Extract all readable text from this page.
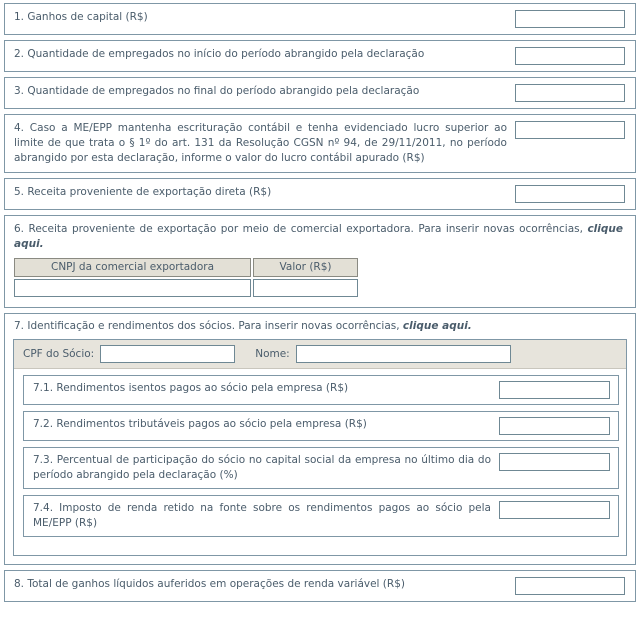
1. Ganhos de capital (R$)
2. Quantidade de empregados no início do período abrangido pela declaração
3. Quantidade de empregados no final do período abrangido pela declaração
4. Caso a ME/EPP mantenha escrituração contábil e tenha evidenciado lucro superior ao limite de que trata o § 1º do art. 131 da Resolução CGSN nº 94, de 29/11/2011, no período abrangido por esta declaração, informe o valor do lucro contábil apurado (R$)
5. Receita proveniente de exportação direta (R$)
6. Receita proveniente de exportação por meio de comercial exportadora. Para inserir novas ocorrências, clique aqui.
CNPJ da comercial exportadora	Valor (R$)
7. Identificação e rendimentos dos sócios. Para inserir novas ocorrências, clique aqui.
CPF do Sócio:	Nome:
7.1. Rendimentos isentos pagos ao sócio pela empresa (R$)
7.2. Rendimentos tributáveis pagos ao sócio pela empresa (R$)
7.3. Percentual de participação do sócio no capital social da empresa no último dia do período abrangido pela declaração (%)
7.4. Imposto de renda retido na fonte sobre os rendimentos pagos ao sócio pela ME/EPP (R$)
8. Total de ganhos líquidos auferidos em operações de renda variável (R$)
